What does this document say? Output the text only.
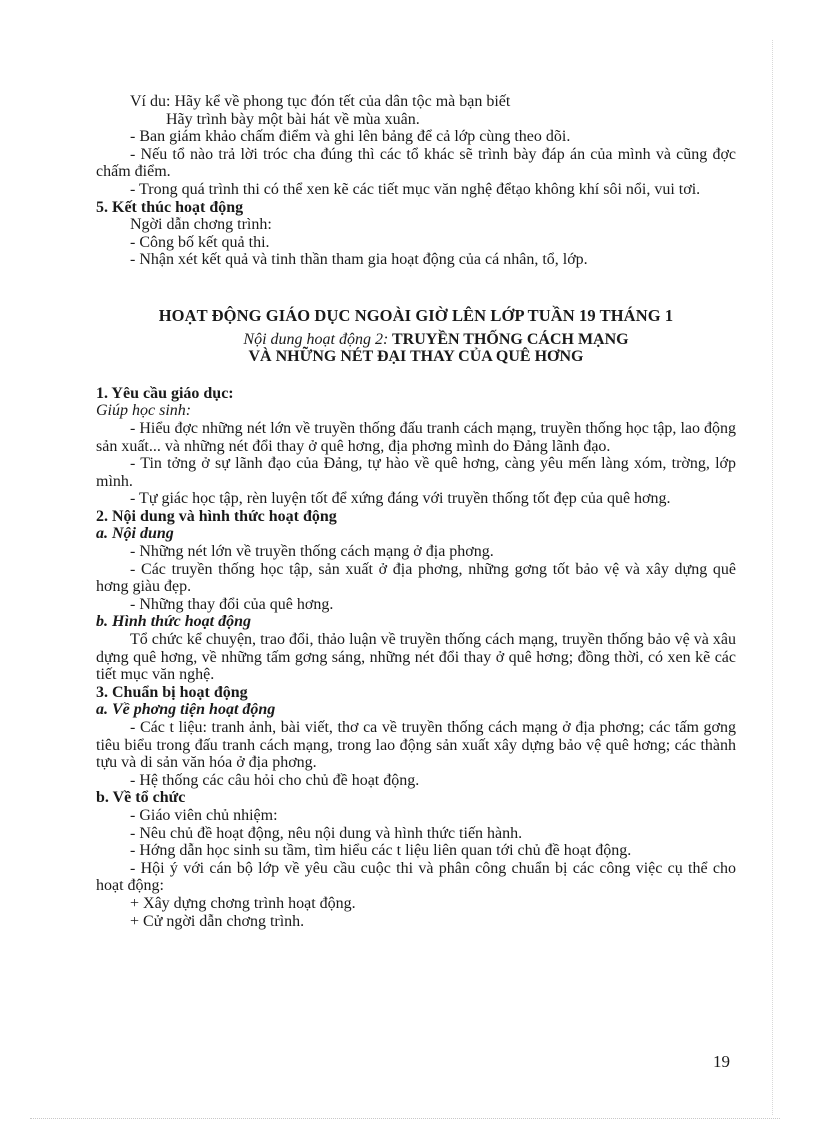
Ví du: Hãy kể về phong tục đón tết của dân tộc mà bạn biết

Hãy trình bày một bài hát về mùa xuân.

- Ban giám khảo chấm điểm và ghi lên bảng để cả lớp cùng theo dõi.

- Nếu tổ nào trả lời tróc cha đúng thì các tổ khác sẽ trình bày đáp án của mình và cũng đợc chấm điểm.

- Trong quá trình thi có thể xen kẽ các tiết mục văn nghệ đểtạo không khí sôi nổi, vui tơi.

5. Kết thúc hoạt động

Ngời dẫn chơng trình:

- Công bố kết quả thi.

- Nhận xét kết quả và tinh thần tham gia hoạt động của cá nhân, tổ, lớp.

HOẠT ĐỘNG GIÁO DỤC NGOÀI GIỜ LÊN LỚP TUẦN 19 THÁNG 1

Nội dung hoạt động 2: TRUYỀN THỐNG CÁCH MẠNG

VÀ NHỮNG NÉT ĐẠI THAY CỦA QUÊ HƠNG

1. Yêu cầu giáo dục:

Giúp học sinh:

- Hiểu đợc những nét lớn về truyền thống đấu tranh cách mạng, truyền thống học tập, lao động sản xuất... và những nét đổi thay ở quê hơng, địa phơng mình do Đảng lãnh đạo.

- Tin tởng ở sự lãnh đạo của Đảng, tự hào về quê hơng, càng yêu mến làng xóm, trờng, lớp mình.

- Tự giác học tập, rèn luyện tốt để xứng đáng với truyền thống tốt đẹp của quê hơng.

2. Nội dung và hình thức hoạt động

a. Nội dung

- Những nét lớn về truyền thống cách mạng ở địa phơng.

- Các truyền thống học tập, sản xuất ở địa phơng, những gơng tốt bảo vệ và xây dựng quê hơng giàu đẹp.

- Những thay đổi của quê hơng.

b. Hình thức hoạt động

Tổ chức kể chuyện, trao đổi, thảo luận về truyền thống cách mạng, truyền thống bảo vệ và xâu dựng quê hơng, về những tấm gơng sáng, những nét đổi thay ở quê hơng; đồng thời, có xen kẽ các tiết mục văn nghệ.

3. Chuẩn bị hoạt động

a. Về phơng tiện hoạt động

- Các t liệu: tranh ảnh, bài viết, thơ ca về truyền thống cách mạng ở địa phơng; các tấm gơng tiêu biểu trong đấu tranh cách mạng, trong lao động sản xuất xây dựng bảo vệ quê hơng; các thành tựu và di sản văn hóa ở địa phơng.

- Hệ thống các câu hỏi cho chủ đề hoạt động.

b. Về tổ chức

- Giáo viên chủ nhiệm:

- Nêu chủ đề hoạt động, nêu nội dung và hình thức tiến hành.

- Hớng dẫn học sinh su tầm, tìm hiểu các t liệu liên quan tới chủ đề hoạt động.

- Hội ý với cán bộ lớp về yêu cầu cuộc thi và phân công chuẩn bị các công việc cụ thể cho hoạt động:

+ Xây dựng chơng trình hoạt động.

+ Cử ngời dẫn chơng trình.

19
